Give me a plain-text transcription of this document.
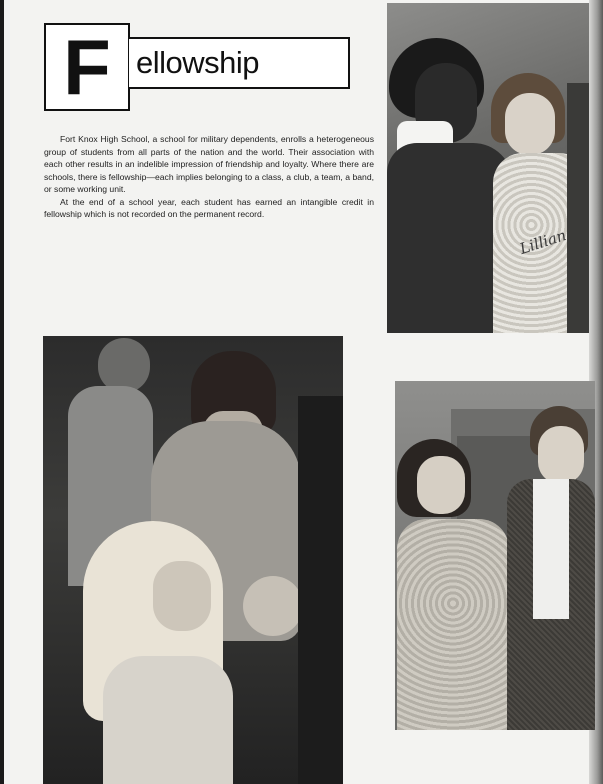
F ellowship

Fort Knox High School, a school for military dependents, enrolls a heterogeneous group of students from all parts of the nation and the world. Their association with each other results in an indelible impression of friendship and loyalty. Where there are schools, there is fellowship—each implies belonging to a class, a club, a team, a band, or some working unit.

At the end of a school year, each student has earned an intangible credit in fellowship which is not recorded on the permanent record.

Lillian
